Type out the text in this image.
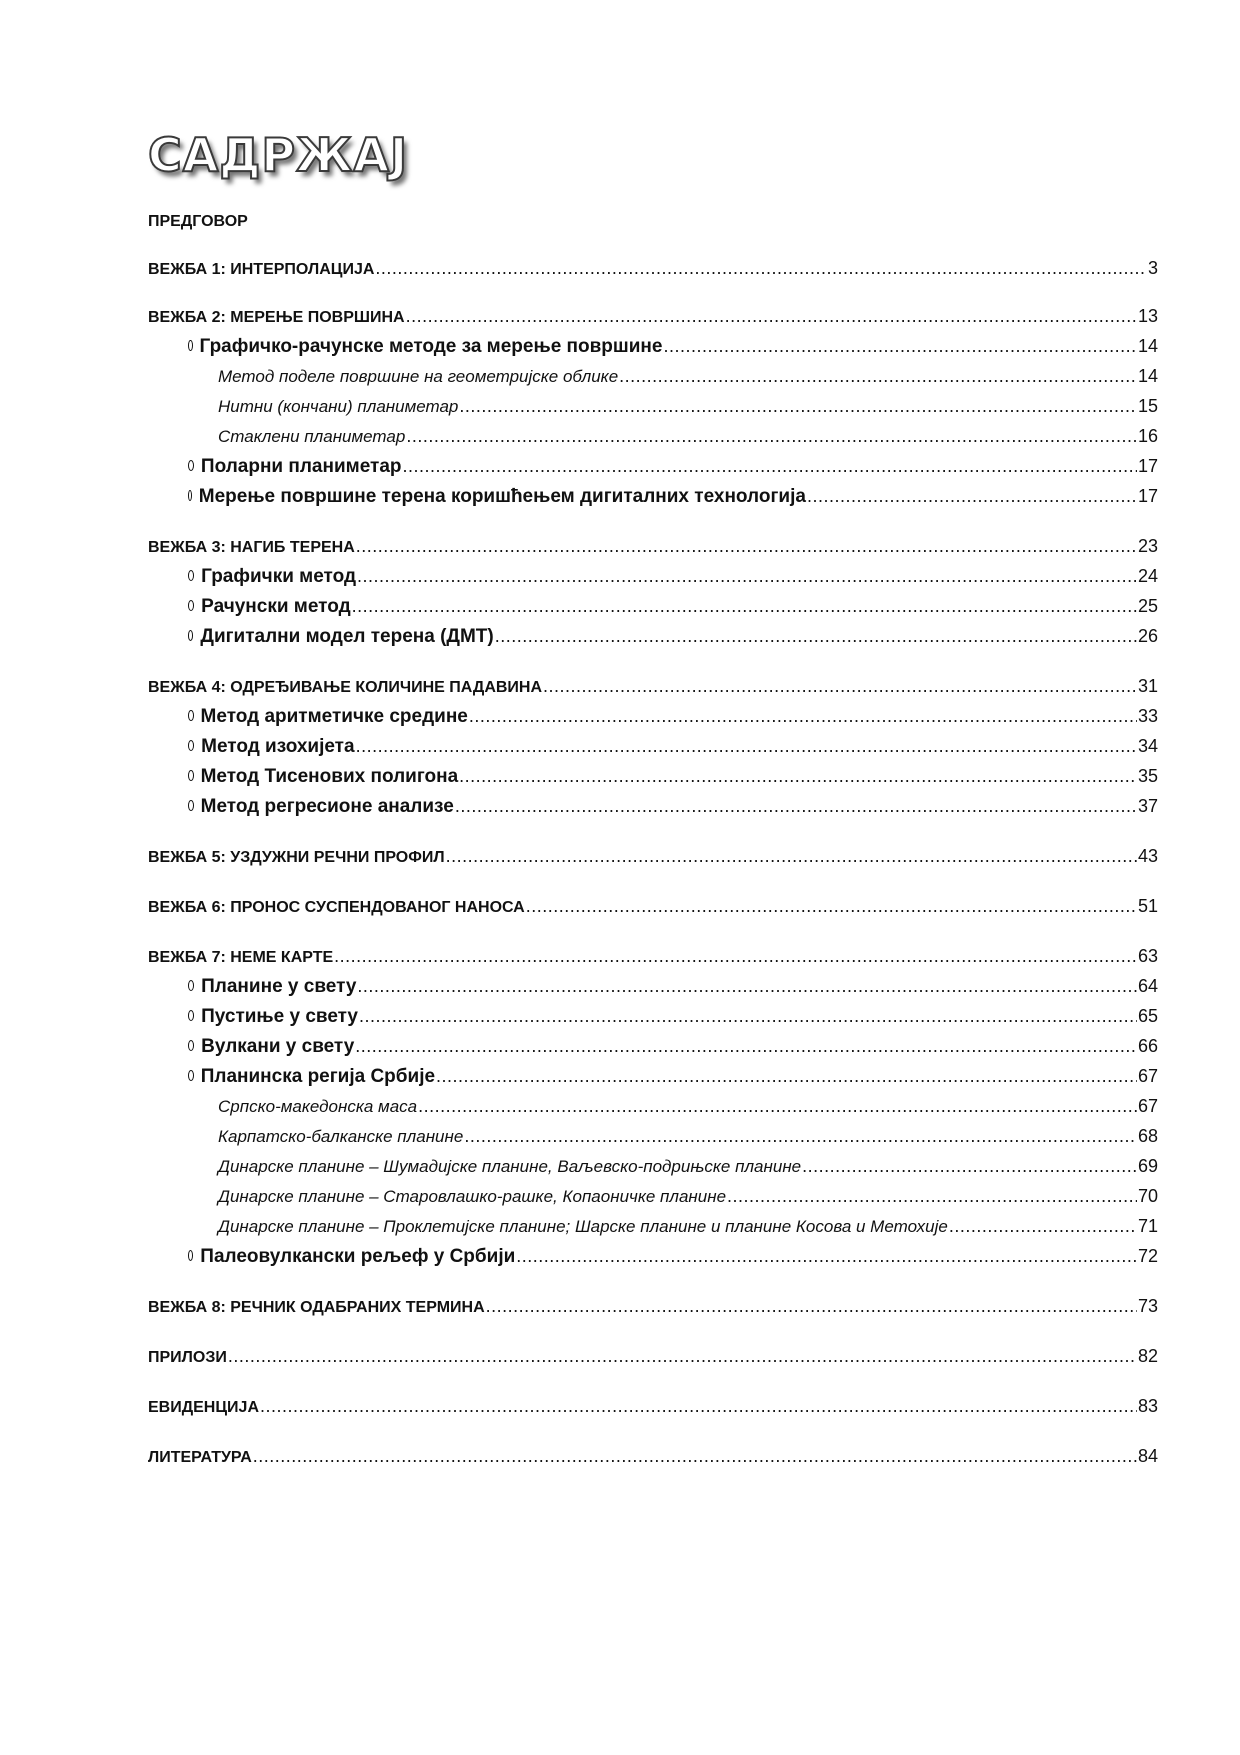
САДРЖАЈ
ПРЕДГОВОР
ВЕЖБА 1: ИНТЕРПОЛАЦИЈА .....	3
ВЕЖБА 2: МЕРЕЊЕ ПОВРШИНА .....	13
Графичко-рачунске методе за мерење површине .....	14
Метод поделе површине на геометријске облике .....	14
Нитни (кончани) планиметар .....	15
Стаклени планиметар .....	16
Поларни планиметар .....	17
Мерење површине терена коришћењем дигиталних технологија .....	17
ВЕЖБА 3: НАГИБ ТЕРЕНА .....	23
Графички метод .....	24
Рачунски метод .....	25
Дигитални модел терена (ДМТ) .....	26
ВЕЖБА 4: ОДРЕЂИВАЊЕ КОЛИЧИНЕ ПАДАВИНА .....	31
Метод аритметичке средине .....	33
Метод изохијета .....	34
Метод Тисенових полигона .....	35
Метод регресионе анализе .....	37
ВЕЖБА 5: УЗДУЖНИ РЕЧНИ ПРОФИЛ .....	43
ВЕЖБА 6: ПРОНОС СУСПЕНДОВАНОГ НАНОСА .....	51
ВЕЖБА 7: НЕМЕ КАРТЕ .....	63
Планине у свету .....	64
Пустиње у свету .....	65
Вулкани у свету .....	66
Планинска регија Србије .....	67
Српско-македонска маса .....	67
Карпатско-балканске планине .....	68
Динарске планине – Шумадијске планине, Ваљевско-подрињске планине .....	69
Динарске планине – Старовлашко-рашке, Копаоничке планине .....	70
Динарске планине – Проклетијске планине; Шарске планине и планине Косова и Метохије .....	71
Палеовулкански рељеф у Србији .....	72
ВЕЖБА 8: РЕЧНИК ОДАБРАНИХ ТЕРМИНА .....	73
ПРИЛОЗИ .....	82
ЕВИДЕНЦИЈА .....	83
ЛИТЕРАТУРА .....	84
